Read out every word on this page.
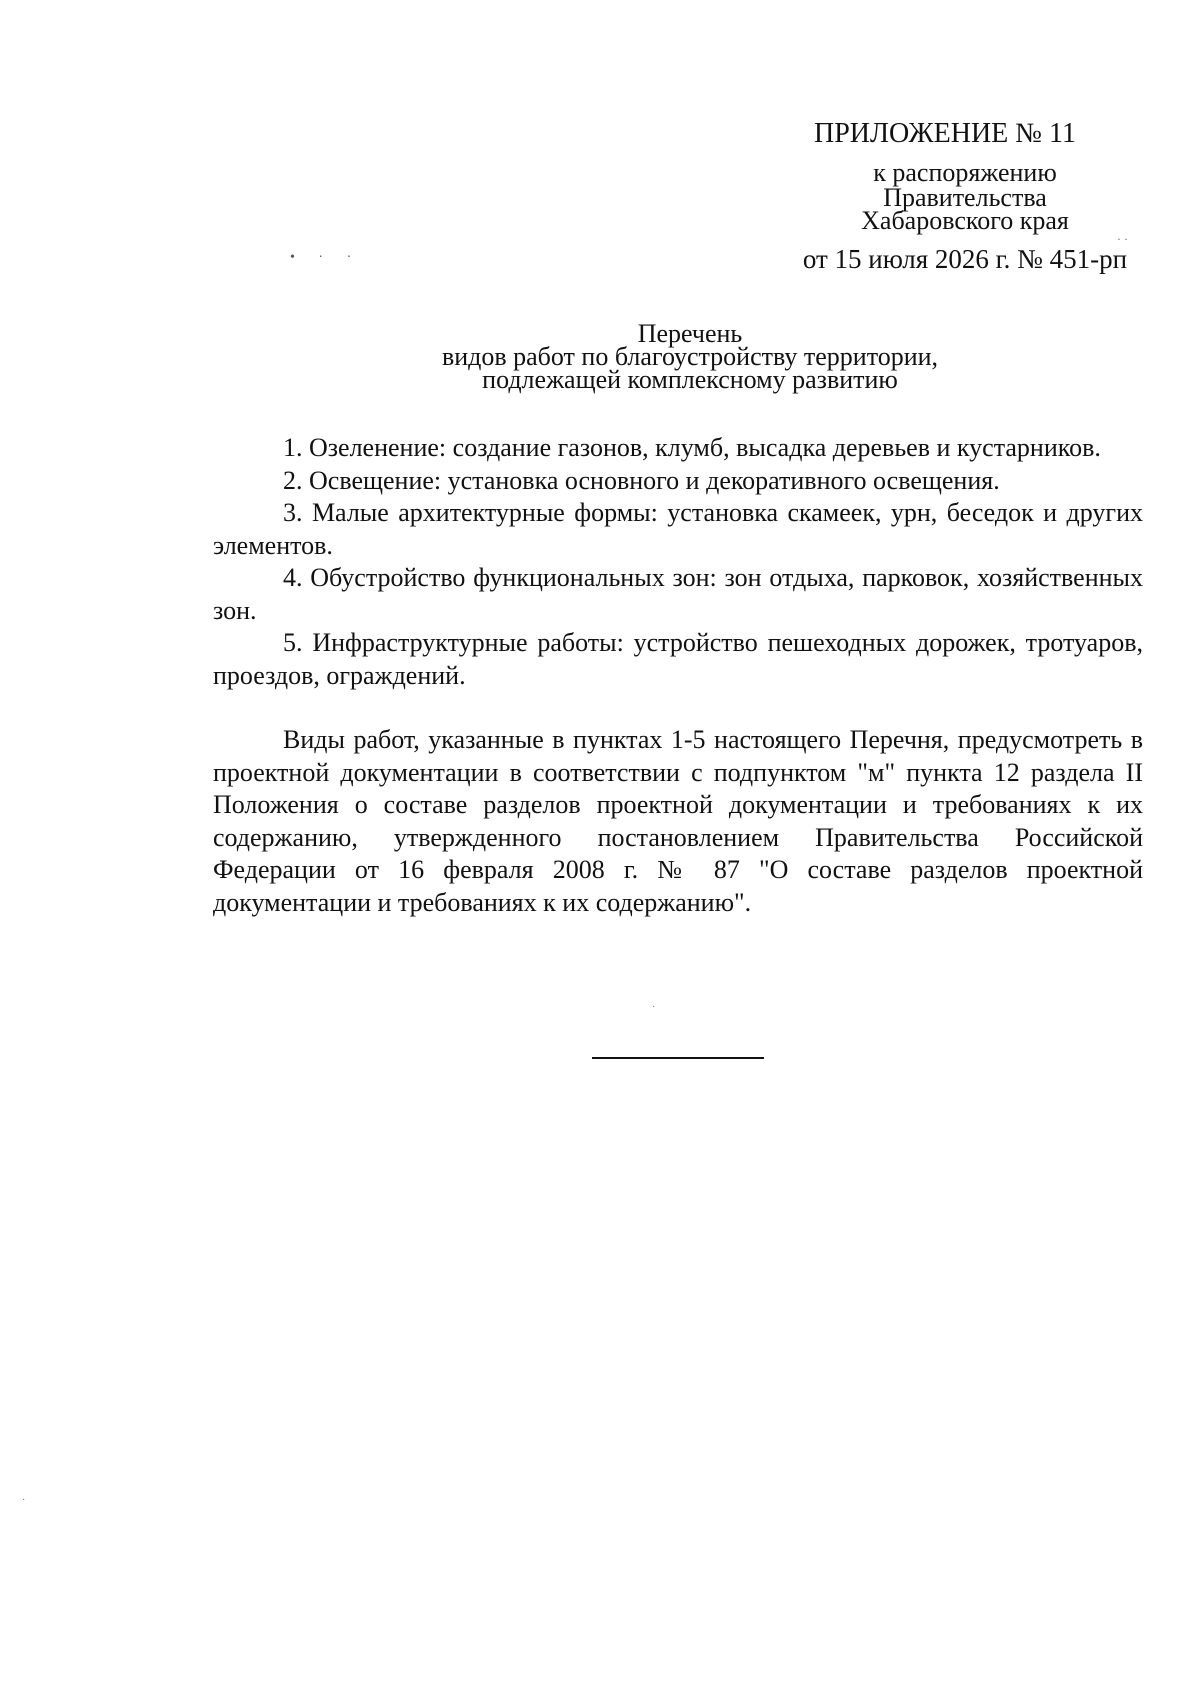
ПРИЛОЖЕНИЕ № 11
к распоряжению
Правительства
Хабаровского края
от 15 июля 2026 г. № 451-рп
• · ·
· ·
Перечень
видов работ по благоустройству территории,
подлежащей комплексному развитию

1. Озеленение: создание газонов, клумб, высадка деревьев и кустарников.

2. Освещение: установка основного и декоративного освещения.

3. Малые архитектурные формы: установка скамеек, урн, беседок и других элементов.

4. Обустройство функциональных зон: зон отдыха, парковок, хозяйственных зон.

5. Инфраструктурные работы: устройство пешеходных дорожек, тротуаров, проездов, ограждений.

Виды работ, указанные в пунктах 1-5 настоящего Перечня, предусмотреть в проектной документации в соответствии с подпунктом "м" пункта 12 раздела II Положения о составе разделов проектной документации и требованиях к их содержанию, утвержденного постановлением Правительства Российской Федерации от 16 февраля 2008 г. № 87 "О составе разделов проектной документации и требованиях к их содержанию".

·
·
